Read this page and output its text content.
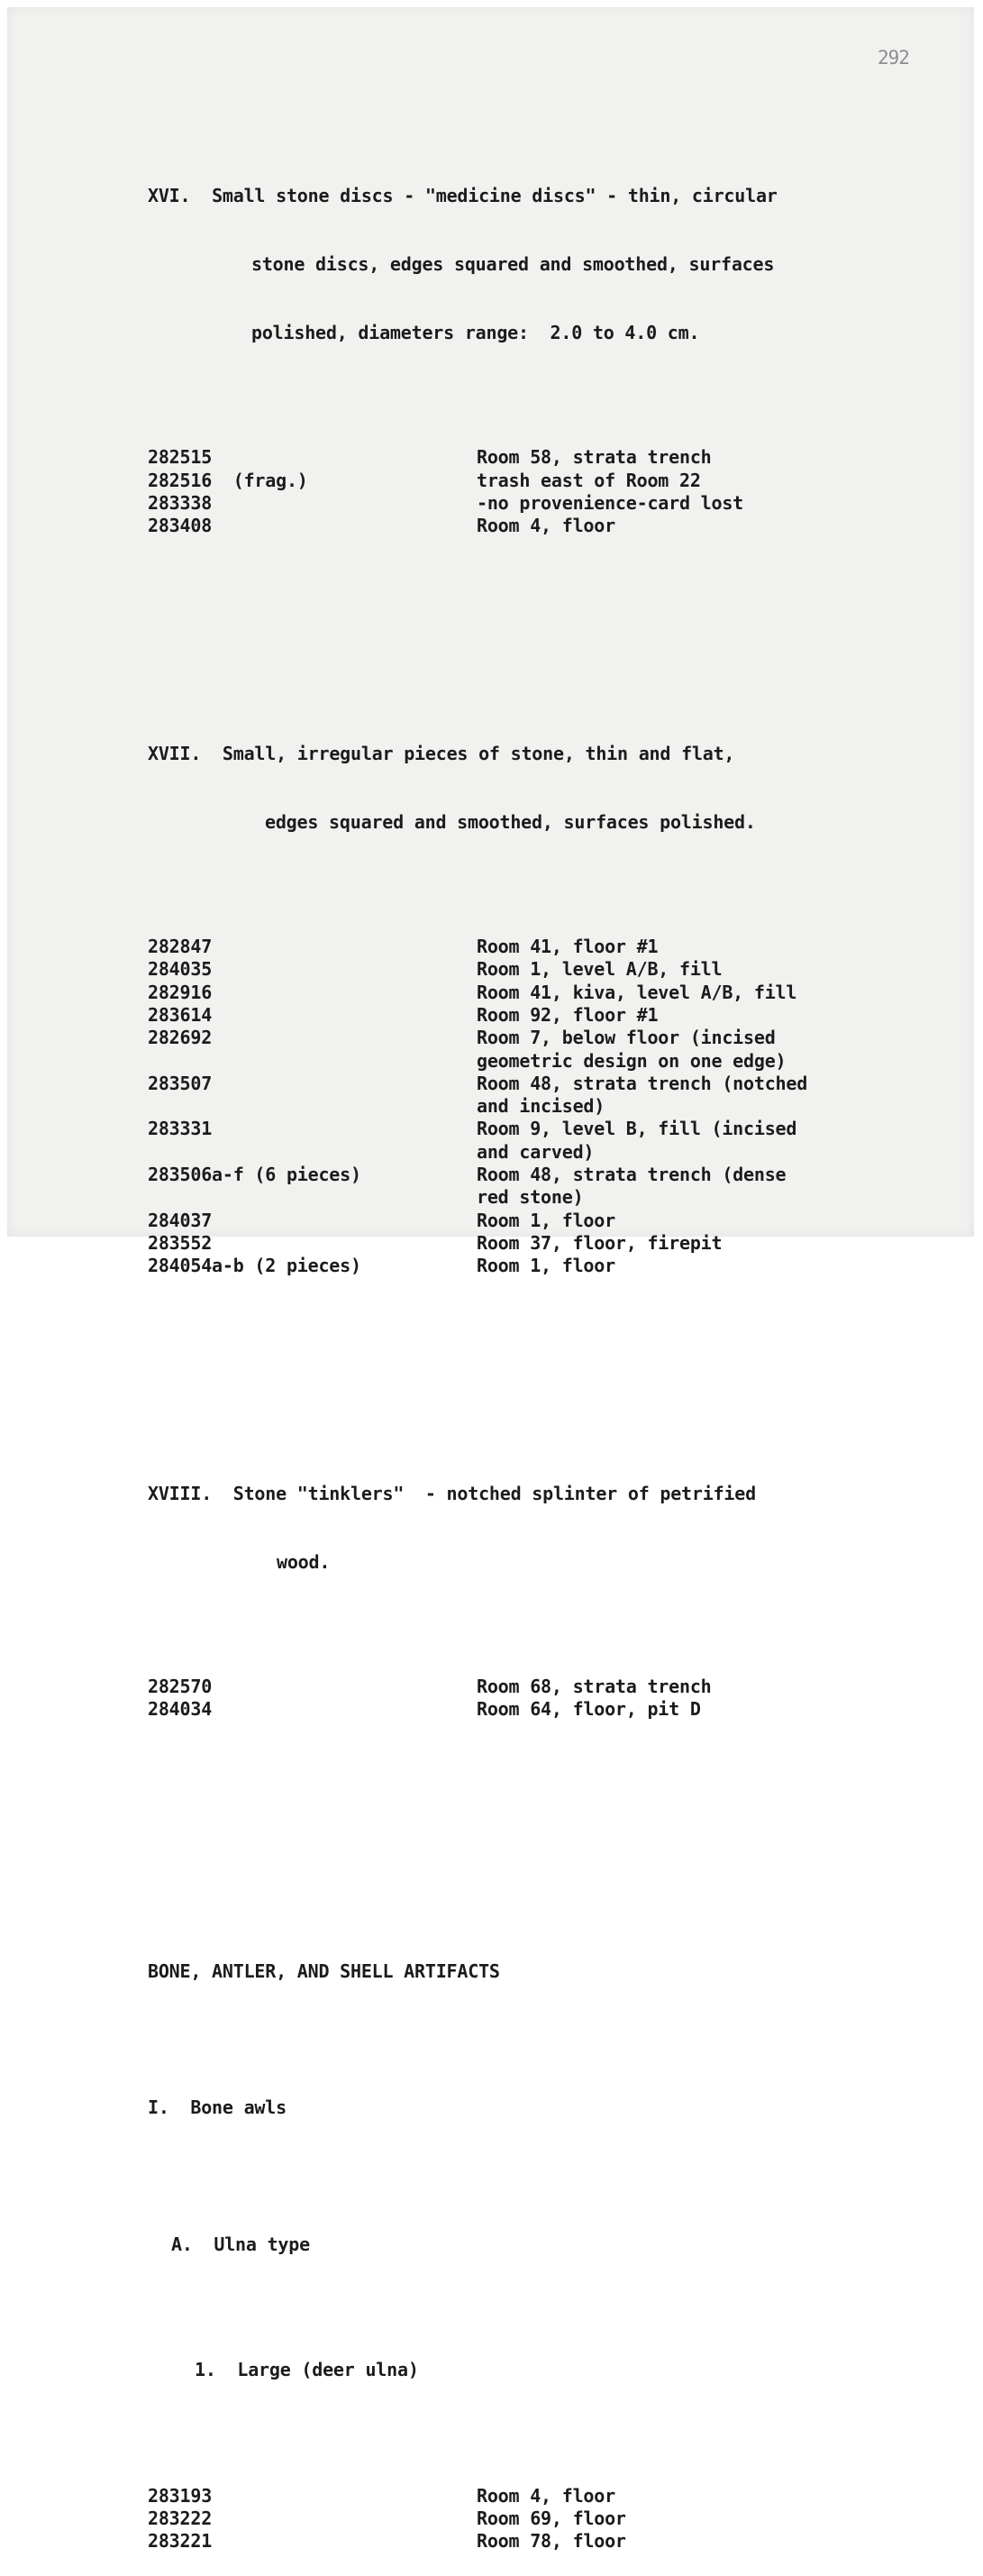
292

XVI.
Small stone discs - "medicine discs" - thin, circular

stone discs, edges squared and smoothed, surfaces

polished, diameters range:  2.0 to 4.0 cm.

282515	Room 58, strata trench
282516 (frag.)	trash east of Room 22
283338	-no provenience-card lost
283408	Room 4, floor

XVII.
Small, irregular pieces of stone, thin and flat,

edges squared and smoothed, surfaces polished.

282847	Room 41, floor #1
284035	Room 1, level A/B, fill
282916	Room 41, kiva, level A/B, fill
283614	Room 92, floor #1
282692	Room 7, below floor (incised
geometric design on one edge)
283507	Room 48, strata trench (notched
and incised)
283331	Room 9, level B, fill (incised
and carved)
283506a-f (6 pieces)	Room 48, strata trench (dense
red stone)
284037	Room 1, floor
283552	Room 37, floor, firepit
284054a-b (2 pieces)	Room 1, floor

XVIII.
Stone "tinklers"  - notched splinter of petrified

wood.

282570	Room 68, strata trench
284034	Room 64, floor, pit D

BONE, ANTLER, AND SHELL ARTIFACTS

I.  Bone awls

A.  Ulna type

1.  Large (deer ulna)

283193	Room 4, floor
283222	Room 69, floor
283221	Room 78, floor
